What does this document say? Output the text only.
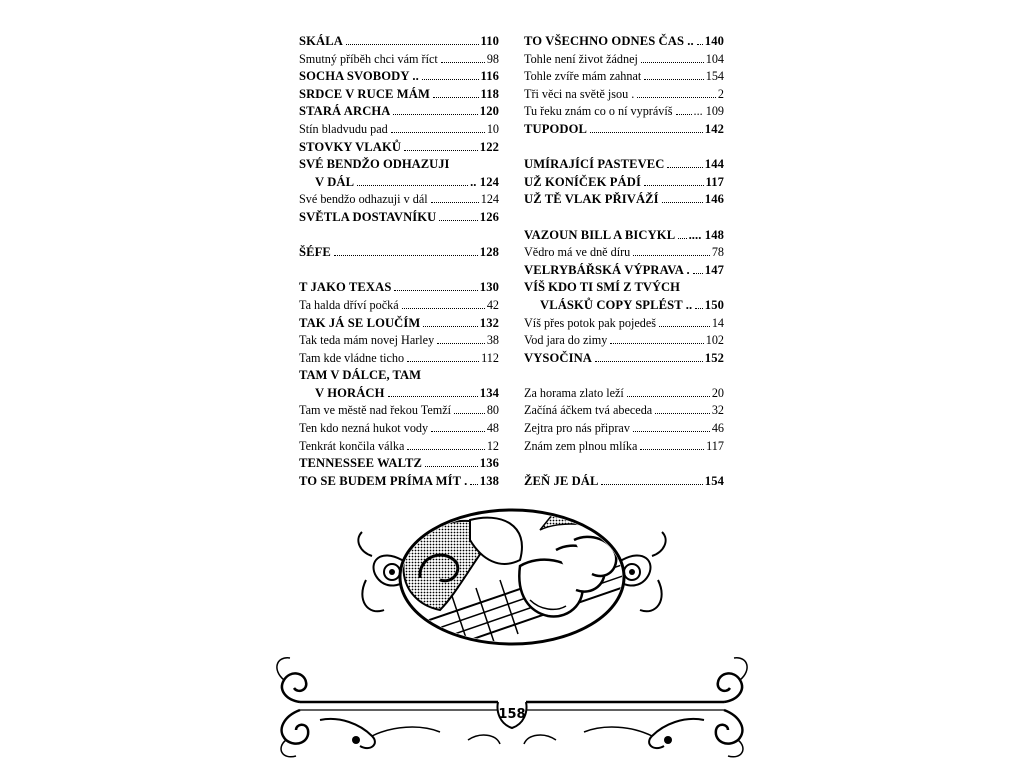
SKÁLA	110
Smutný příběh chci vám říct	98
SOCHA SVOBODY ..	116
SRDCE V RUCE MÁM	118
STARÁ ARCHA	120
Stín bladvudu pad	10
STOVKY VLAKŮ	122
SVÉ BENDŽO ODHAZUJI
V DÁL	.. 124
Své bendžo odhazuji v dál	124
SVĚTLA DOSTAVNÍKU	126
ŠÉFE	128
T JAKO TEXAS	130
Ta halda dříví počká	42
TAK JÁ SE LOUČÍM	132
Tak teda mám novej Harley	38
Tam kde vládne ticho	112
TAM V DÁLCE, TAM
V HORÁCH	134
Tam ve městě nad řekou Temží	80
Ten kdo nezná hukot vody	48
Tenkrát končila válka	12
TENNESSEE WALTZ	136
TO SE BUDEM PRÍMA MÍT . 138
TO VŠECHNO ODNES ČAS .. 140
Tohle není život žádnej	104
Tohle zvíře mám zahnat	154
Tři věci na světě jsou .	2
Tu řeku znám co o ní vyprávíš ... 109
TUPODOL	142
UMÍRAJÍCÍ PASTEVEC	144
UŽ KONÍČEK PÁDÍ	117
UŽ TĚ VLAK PŘIVÁŽÍ	146
VAZOUN BILL A BICYKL .... 148
Vědro má ve dně díru	78
VELRYBÁŘSKÁ VÝPRAVA . 147
VÍŠ KDO TI SMÍ Z TVÝCH
VLÁSKŮ COPY SPLÉST .. 150
Víš přes potok pak pojedeš	14
Vod jara do zimy	102
VYSOČINA	152
Za horama zlato leží	20
Začíná áčkem tvá abeceda	32
Zejtra pro nás připrav	46
Znám zem plnou mlíka	117
ŽEŇ JE DÁL	154
158
